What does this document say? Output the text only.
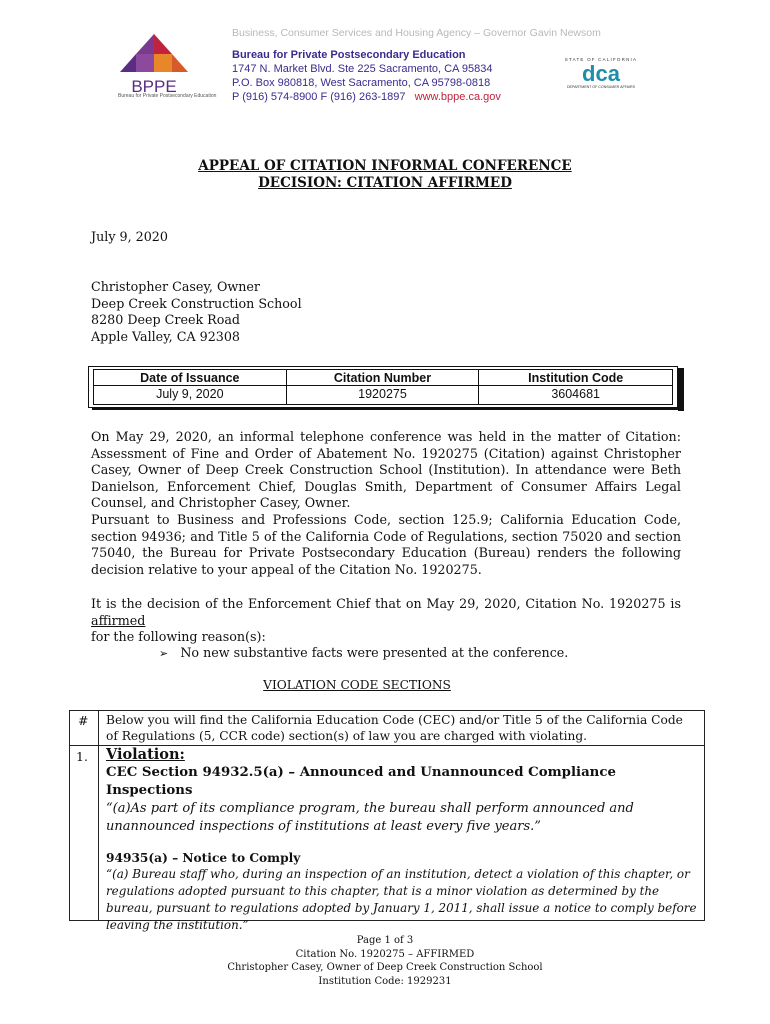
Business, Consumer Services and Housing Agency – Governor Gavin Newsom
BPPE
Bureau for Private Postsecondary Education
Bureau for Private Postsecondary Education
1747 N. Market Blvd. Ste 225 Sacramento, CA 95834
P.O. Box 980818, West Sacramento, CA 95798-0818
P (916) 574-8900 F (916) 263-1897 www.bppe.ca.gov
STATE OF CALIFORNIA
dca
DEPARTMENT OF CONSUMER AFFAIRS
APPEAL OF CITATION INFORMAL CONFERENCE
DECISION: CITATION AFFIRMED
July 9, 2020
Christopher Casey, Owner
Deep Creek Construction School
8280 Deep Creek Road
Apple Valley, CA 92308
Date of Issuance	Citation Number	Institution Code
July 9, 2020	1920275	3604681
On May 29, 2020, an informal telephone conference was held in the matter of Citation: Assessment of Fine and Order of Abatement No. 1920275 (Citation) against Christopher Casey, Owner of Deep Creek Construction School (Institution). In attendance were Beth Danielson, Enforcement Chief, Douglas Smith, Department of Consumer Affairs Legal Counsel, and Christopher Casey, Owner.
Pursuant to Business and Professions Code, section 125.9; California Education Code, section 94936; and Title 5 of the California Code of Regulations, section 75020 and section 75040, the Bureau for Private Postsecondary Education (Bureau) renders the following decision relative to your appeal of the Citation No. 1920275.
It is the decision of the Enforcement Chief that on May 29, 2020, Citation No. 1920275 is affirmed
for the following reason(s):
➢ No new substantive facts were presented at the conference.
VIOLATION CODE SECTIONS
# Below you will find the California Education Code (CEC) and/or Title 5 of the California Code of Regulations (5, CCR code) section(s) of law you are charged with violating.
1. Violation:
CEC Section 94932.5(a) – Announced and Unannounced Compliance Inspections
“(a)As part of its compliance program, the bureau shall perform announced and unannounced inspections of institutions at least every five years.”
94935(a) – Notice to Comply
“(a) Bureau staff who, during an inspection of an institution, detect a violation of this chapter, or regulations adopted pursuant to this chapter, that is a minor violation as determined by the bureau, pursuant to regulations adopted by January 1, 2011, shall issue a notice to comply before leaving the institution.”
Page 1 of 3
Citation No. 1920275 – AFFIRMED
Christopher Casey, Owner of Deep Creek Construction School
Institution Code: 1929231
